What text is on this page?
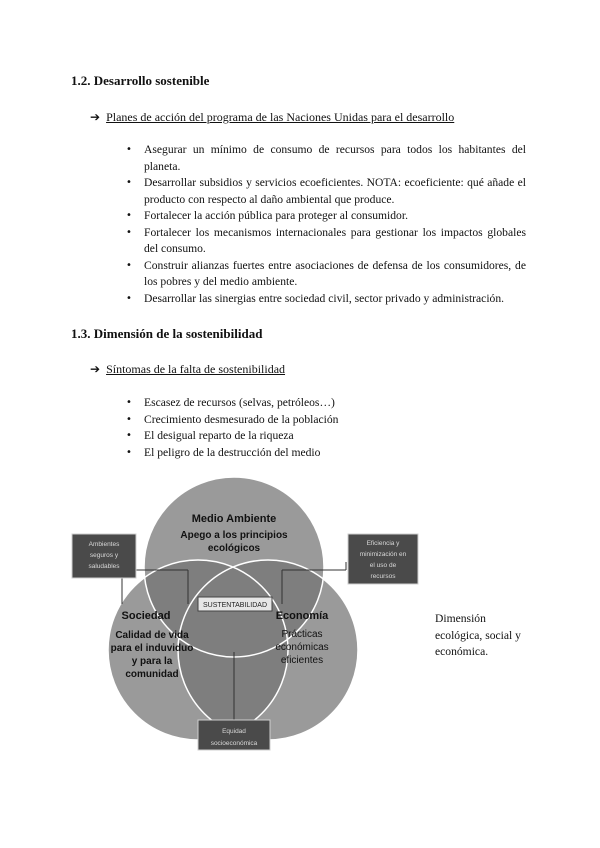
1.2. Desarrollo sostenible
➔ Planes de acción del programa de las Naciones Unidas para el desarrollo
• Asegurar un mínimo de consumo de recursos para todos los habitantes del planeta.
• Desarrollar subsidios y servicios ecoeficientes. NOTA: ecoeficiente: qué añade el producto con respecto al daño ambiental que produce.
• Fortalecer la acción pública para proteger al consumidor.
• Fortalecer los mecanismos internacionales para gestionar los impactos globales del consumo.
• Construir alianzas fuertes entre asociaciones de defensa de los consumidores, de los pobres y del medio ambiente.
• Desarrollar las sinergias entre sociedad civil, sector privado y administración.
1.3. Dimensión de la sostenibilidad
➔ Síntomas de la falta de sostenibilidad
• Escasez de recursos (selvas, petróleos…)
• Crecimiento desmesurado de la población
• El desigual reparto de la riqueza
• El peligro de la destrucción del medio
Medio Ambiente
Apego a los principios
ecológicos
Sociedad
Calidad de vida
para el induviduo
y para la
comunidad
Economía
Prácticas
económicas
eficientes
SUSTENTABILIDAD
Ambientes
seguros y
saludables
Eficiencia y
minimización en
el uso de
recursos
Equidad
socioeconómica
Dimensión
ecológica, social y
económica.
